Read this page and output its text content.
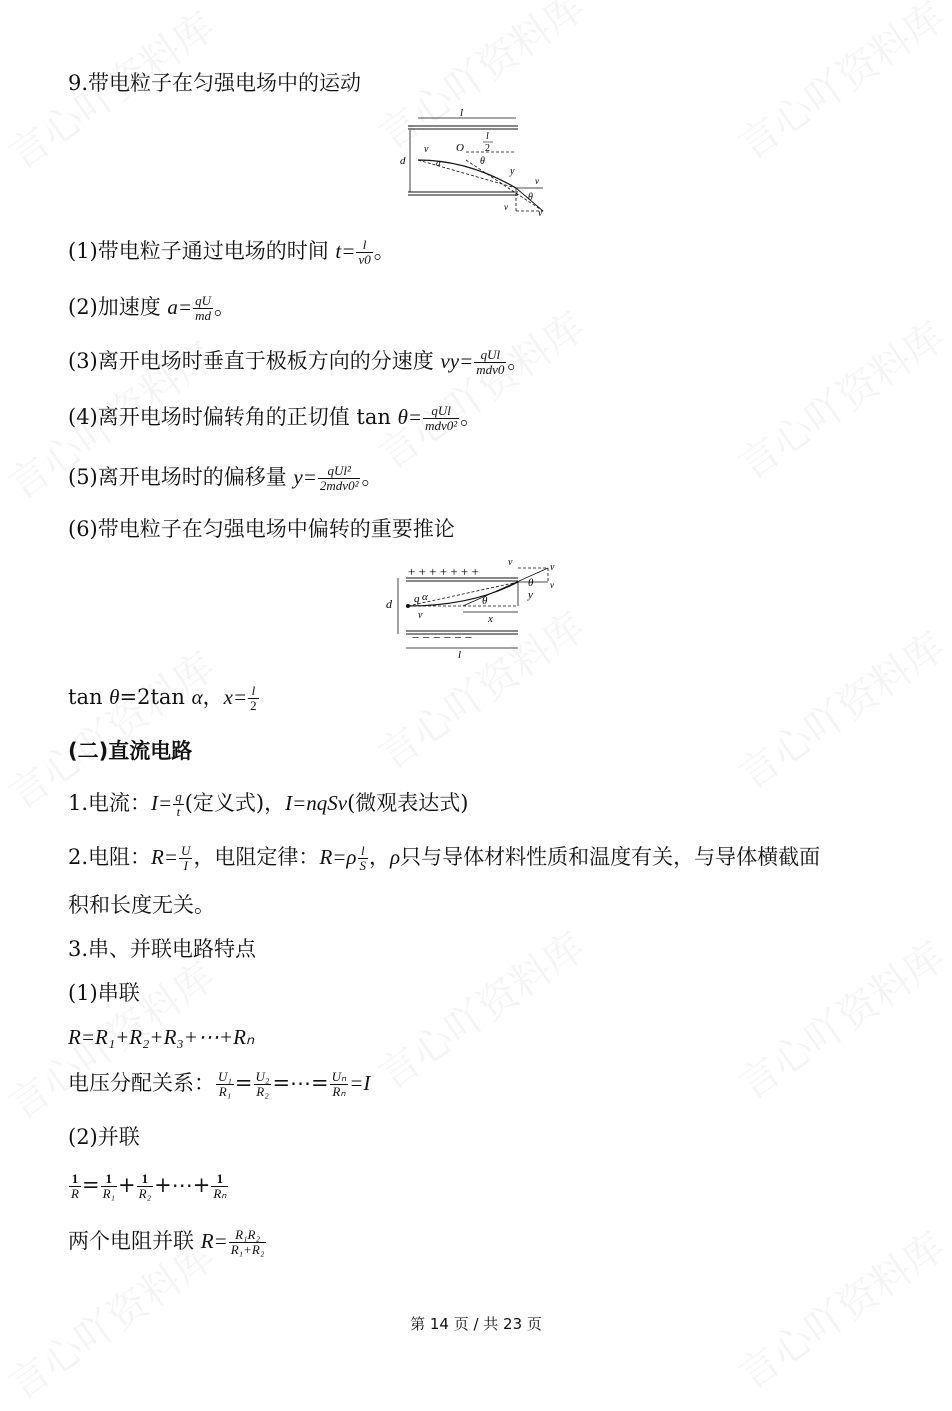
9.带电粒子在匀强电场中的运动
l
d
l
2
O
v
y
θ
θ
v
v
v
α
(1)带电粒子通过电场的时间 $t= \frac{l}{v0}$ 。
(2)加速度 $a= \frac{qU}{md}$ 。
(3)离开电场时垂直于极板方向的分速度 $vy= \frac{\text{qUl}}{\text{mdv0}}$ 。
(4)离开电场时偏转角的正切值 $\tan \theta= \frac{\text{qUl}}{\text{mdv0²}}$ 。
(5)离开电场时的偏移量 $y= \frac{\text{qUl²}}{\text{2mdv0²}}$ 。
(6)带电粒子在匀强电场中偏转的重要推论
+ + + + + + +
− − − − − −
d q α	θ
θ
y
v
v
v
v	x
l
tan θ=2tan α，$x= \frac{l}{2}$
(二)直流电路
1.电流：$I= \frac{q}{t}$ (定义式)，I=nqSv(微观表达式)
2.电阻：$R= \frac{U}{I}$ ，电阻定律：$R=\rho \frac{l}{S}$ ，ρ只与导体材料性质和温度有关，与导体横截面
积和长度无关。
3.串、并联电路特点
(1)串联
R=R₁+R₂+R₃+⋯+Rₙ
电压分配关系： $\frac{\text{U₁}}{\text{R₁}} = \frac{\text{U₂}}{\text{R₂}}$ =⋯= $\frac{\text{Uₙ}}{\text{Rₙ}} =I$
(2)并联
$\frac{1}{R} = \frac{1}{\text{R₁}} + \frac{1}{\text{R₂}}$ +⋯+ $\frac{1}{\text{Rₙ}}$
两个电阻并联 $R= \frac{\text{R₁R₂}}{\text{R₁+R₂}}$
第 14 页 / 共 23 页
